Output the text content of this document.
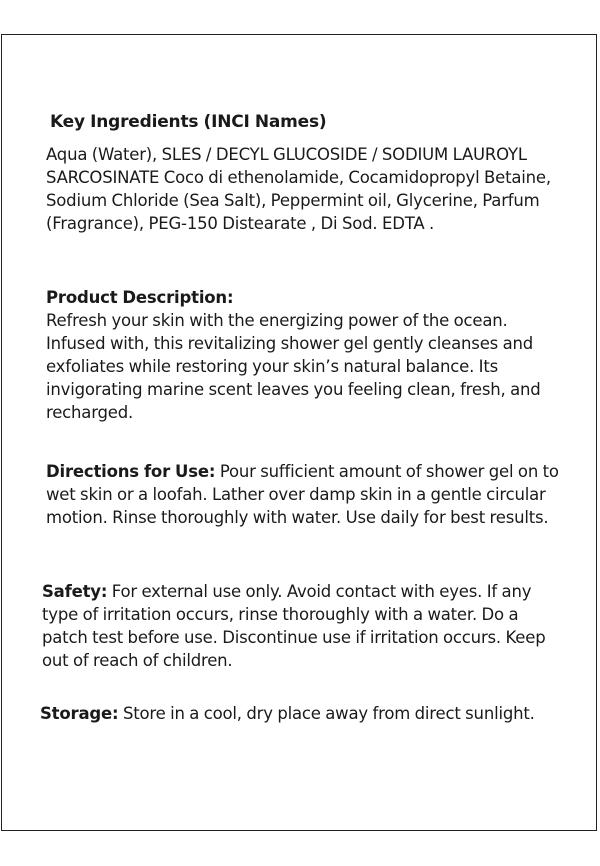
Key Ingredients (INCI Names)
Aqua (Water), SLES / DECYL GLUCOSIDE / SODIUM LAUROYL SARCOSINATE Coco di ethenolamide, Cocamidopropyl Betaine, Sodium Chloride (Sea Salt), Peppermint oil, Glycerine, Parfum (Fragrance), PEG-150 Distearate , Di Sod. EDTA .
Product Description:
Refresh your skin with the energizing power of the ocean. Infused with, this revitalizing shower gel gently cleanses and exfoliates while restoring your skin’s natural balance. Its invigorating marine scent leaves you feeling clean, fresh, and recharged.
Directions for Use: Pour sufficient amount of shower gel on to wet skin or a loofah. Lather over damp skin in a gentle circular motion. Rinse thoroughly with water. Use daily for best results.
Safety: For external use only. Avoid contact with eyes. If any type of irritation occurs, rinse thoroughly with a water. Do a patch test before use. Discontinue use if irritation occurs. Keep out of reach of children.
Storage: Store in a cool, dry place away from direct sunlight.
